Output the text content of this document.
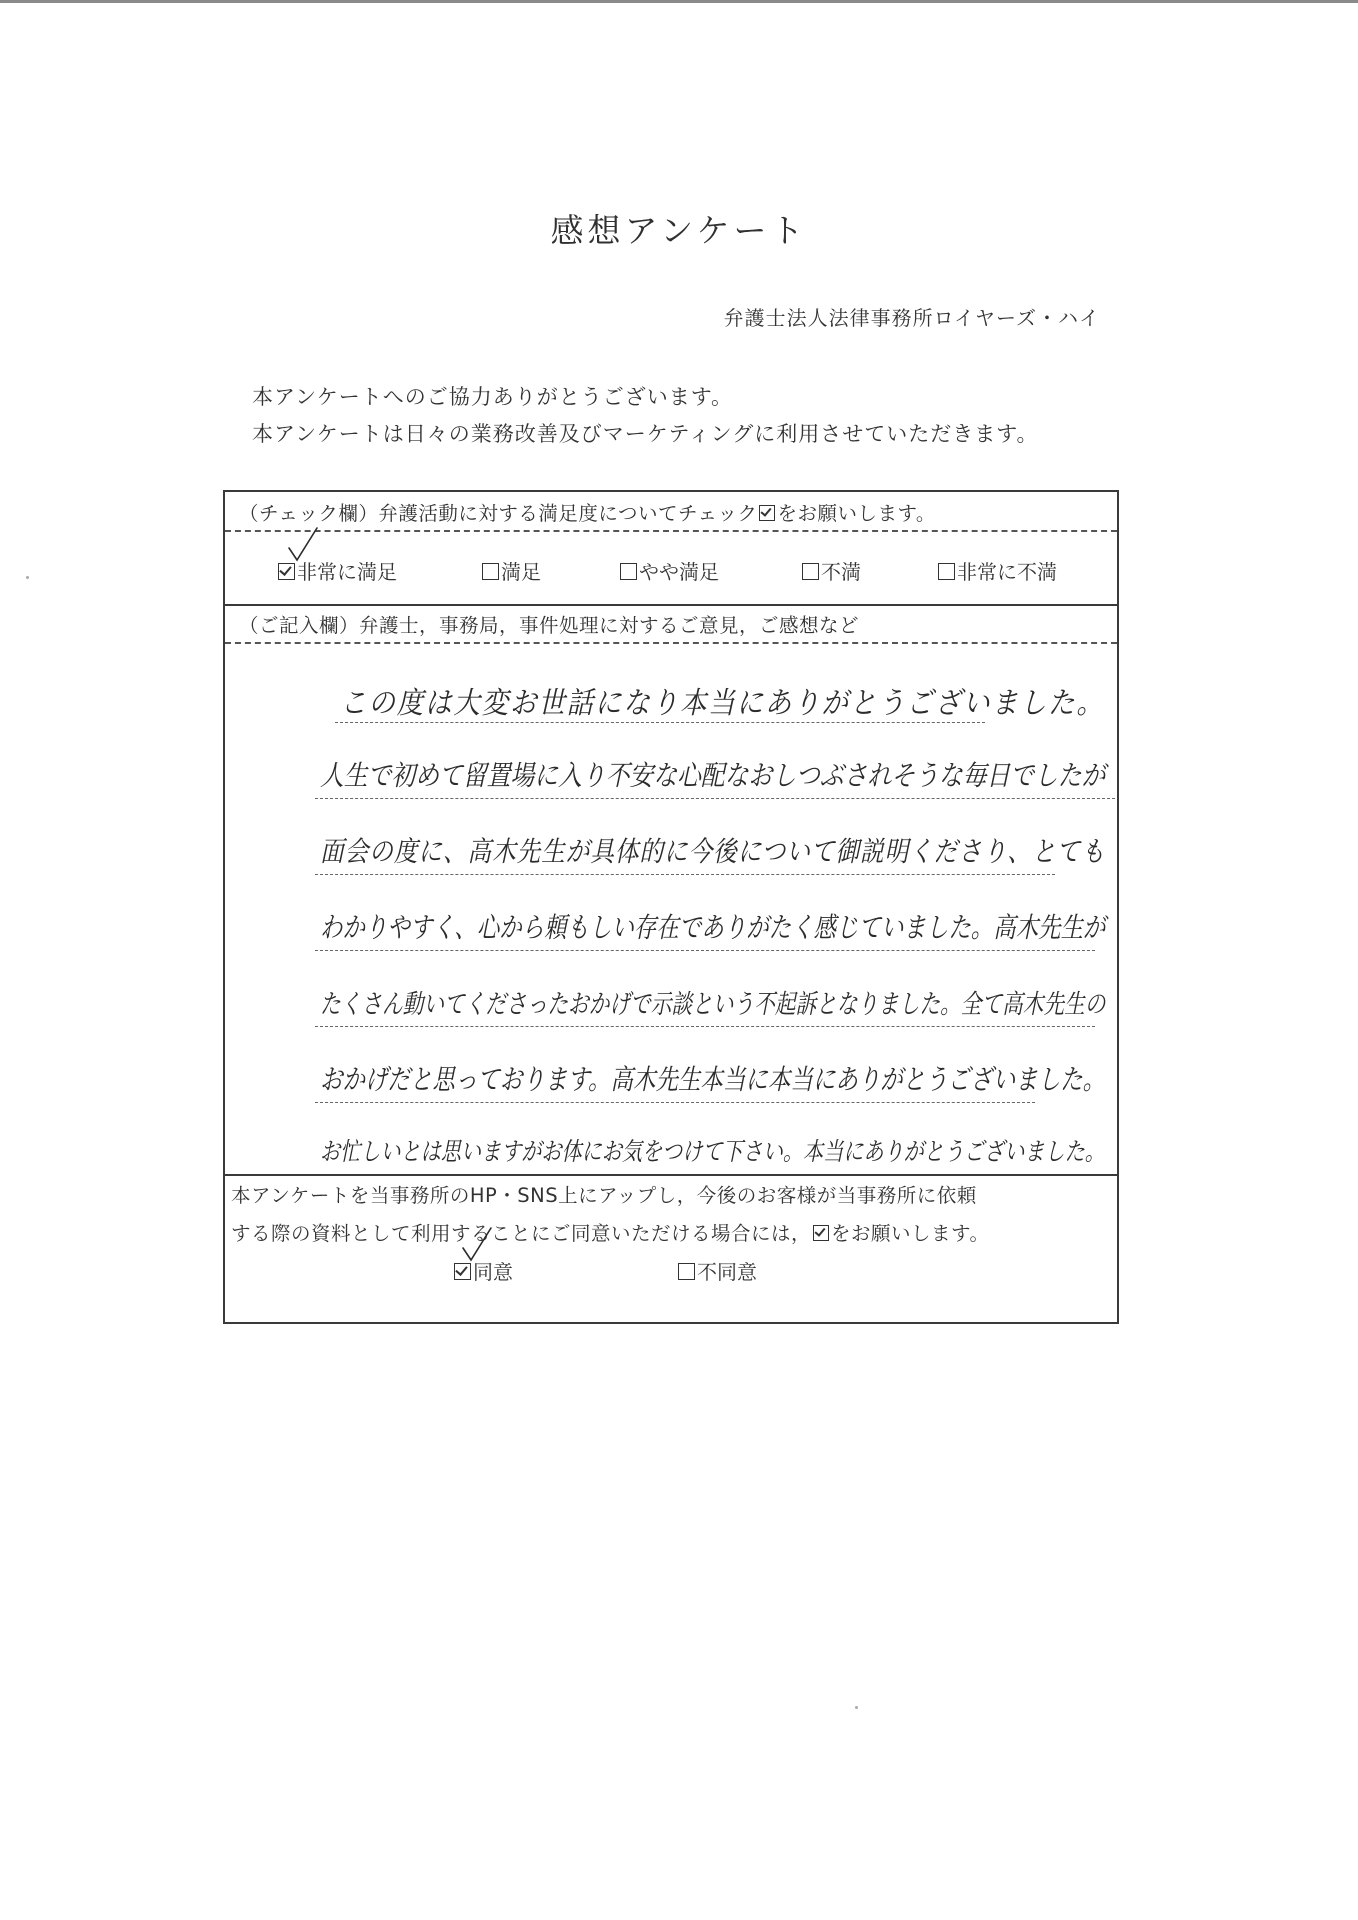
感想アンケート
弁護士法人法律事務所ロイヤーズ・ハイ
本アンケートへのご協力ありがとうございます。
本アンケートは日々の業務改善及びマーケティングに利用させていただきます。
（チェック欄）弁護活動に対する満足度についてチェック をお願いします。
非常に満足	満足	やや満足	不満	非常に不満
（ご記入欄）弁護士，事務局，事件処理に対するご意見，ご感想など
この度は大変お世話になり本当にありがとうございました。
人生で初めて留置場に入り不安な心配なおしつぶされそうな毎日でしたが
面会の度に、高木先生が具体的に今後について御説明くださり、とても
わかりやすく、心から頼もしい存在でありがたく感じていました。高木先生が
たくさん動いてくださったおかげで示談という不起訴となりました。全て高木先生の
おかげだと思っております。高木先生本当に本当にありがとうございました。
お忙しいとは思いますがお体にお気をつけて下さい。本当にありがとうございました。
本アンケートを当事務所のHP・SNS上にアップし，今後のお客様が当事務所に依頼
する際の資料として利用することにご同意いただける場合には， をお願いします。
同意	不同意
